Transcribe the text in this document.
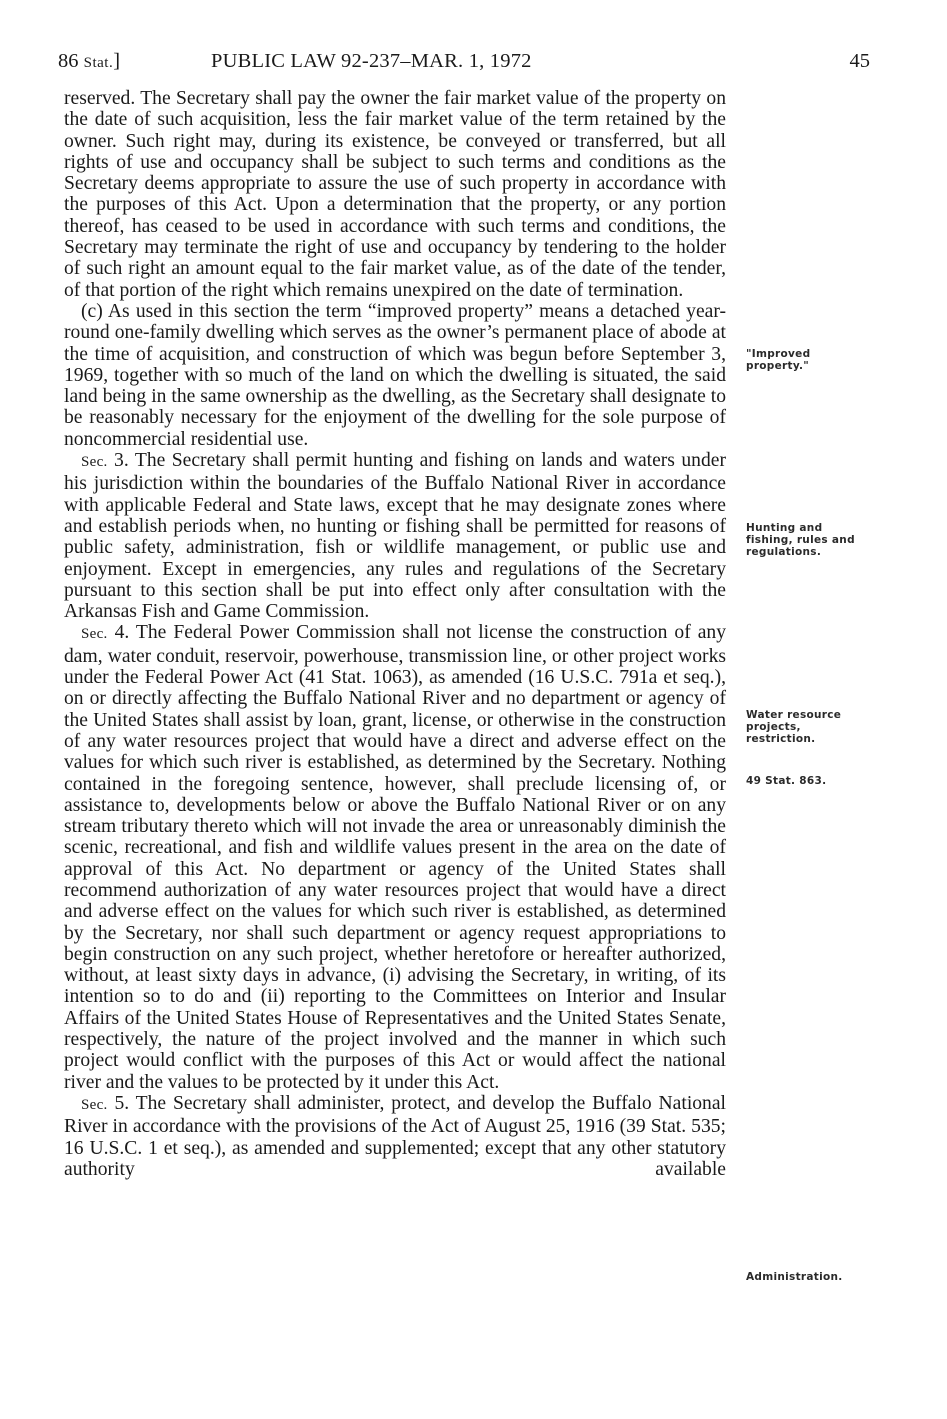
86 Stat.]	PUBLIC LAW 92-237–MAR. 1, 1972	45

reserved. The Secretary shall pay the owner the fair market value of the property on the date of such acquisition, less the fair market value of the term retained by the owner. Such right may, during its existence, be conveyed or transferred, but all rights of use and occupancy shall be subject to such terms and conditions as the Secretary deems appropriate to assure the use of such property in accordance with the purposes of this Act. Upon a determination that the property, or any portion thereof, has ceased to be used in accordance with such terms and conditions, the Secretary may terminate the right of use and occupancy by tendering to the holder of such right an amount equal to the fair market value, as of the date of the tender, of that portion of the right which remains unexpired on the date of termination.

(c) As used in this section the term “improved property” means a detached year-round one-family dwelling which serves as the owner’s permanent place of abode at the time of acquisition, and construction of which was begun before September 3, 1969, together with so much of the land on which the dwelling is situated, the said land being in the same ownership as the dwelling, as the Secretary shall designate to be reasonably necessary for the enjoyment of the dwelling for the sole purpose of noncommercial residential use.

Sec. 3. The Secretary shall permit hunting and fishing on lands and waters under his jurisdiction within the boundaries of the Buffalo National River in accordance with applicable Federal and State laws, except that he may designate zones where and establish periods when, no hunting or fishing shall be permitted for reasons of public safety, administration, fish or wildlife management, or public use and enjoyment. Except in emergencies, any rules and regulations of the Secretary pursuant to this section shall be put into effect only after consultation with the Arkansas Fish and Game Commission.

Sec. 4. The Federal Power Commission shall not license the construction of any dam, water conduit, reservoir, powerhouse, transmission line, or other project works under the Federal Power Act (41 Stat. 1063), as amended (16 U.S.C. 791a et seq.), on or directly affecting the Buffalo National River and no department or agency of the United States shall assist by loan, grant, license, or otherwise in the construction of any water resources project that would have a direct and adverse effect on the values for which such river is established, as determined by the Secretary. Nothing contained in the foregoing sentence, however, shall preclude licensing of, or assistance to, developments below or above the Buffalo National River or on any stream tributary thereto which will not invade the area or unreasonably diminish the scenic, recreational, and fish and wildlife values present in the area on the date of approval of this Act. No department or agency of the United States shall recommend authorization of any water resources project that would have a direct and adverse effect on the values for which such river is established, as determined by the Secretary, nor shall such department or agency request appropriations to begin construction on any such project, whether heretofore or hereafter authorized, without, at least sixty days in advance, (i) advising the Secretary, in writing, of its intention so to do and (ii) reporting to the Committees on Interior and Insular Affairs of the United States House of Representatives and the United States Senate, respectively, the nature of the project involved and the manner in which such project would conflict with the purposes of this Act or would affect the national river and the values to be protected by it under this Act.

Sec. 5. The Secretary shall administer, protect, and develop the Buffalo National River in accordance with the provisions of the Act of August 25, 1916 (39 Stat. 535; 16 U.S.C. 1 et seq.), as amended and supplemented; except that any other statutory authority available

"Improved property."
Hunting and fishing, rules and regulations.
Water resource projects, restriction.
49 Stat. 863.
Administration.
